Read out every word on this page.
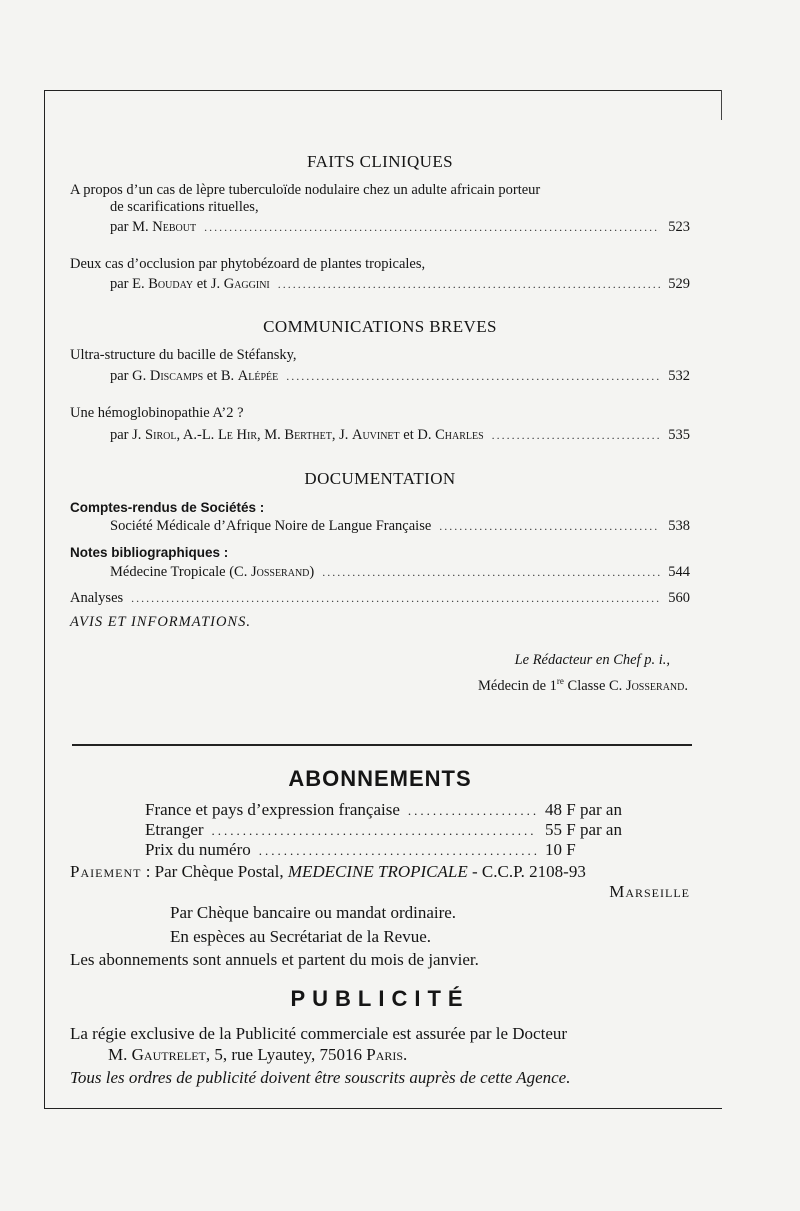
FAITS CLINIQUES
A propos d’un cas de lèpre tuberculoïde nodulaire chez un adulte africain porteur
de scarifications rituelles,
par M. Nebout .....	523
Deux cas d’occlusion par phytobézoard de plantes tropicales,
par E. Bouday et J. Gaggini .....	529
COMMUNICATIONS BREVES
Ultra-structure du bacille de Stéfansky,
par G. Discamps et B. Alépée .....	532
Une hémoglobinopathie A’2 ?
par J. Sirol, A.-L. Le Hir, M. Berthet, J. Auvinet et D. Charles .....	535
DOCUMENTATION
Comptes-rendus de Sociétés :
Société Médicale d’Afrique Noire de Langue Française .....	538
Notes bibliographiques :
Médecine Tropicale (C. Josserand) .....	544
Analyses .....	560
AVIS ET INFORMATIONS.
Le Rédacteur en Chef p. i.,
Médecin de 1re Classe C. Josserand.
ABONNEMENTS
France et pays d’expression française .....	48 F par an
Etranger .....	55 F par an
Prix du numéro .....	10 F
Paiement : Par Chèque Postal, MEDECINE TROPICALE - C.C.P. 2108-93
Marseille
Par Chèque bancaire ou mandat ordinaire.
En espèces au Secrétariat de la Revue.
Les abonnements sont annuels et partent du mois de janvier.
PUBLICITÉ
La régie exclusive de la Publicité commerciale est assurée par le Docteur
M. Gautrelet, 5, rue Lyautey, 75016 Paris.
Tous les ordres de publicité doivent être souscrits auprès de cette Agence.
